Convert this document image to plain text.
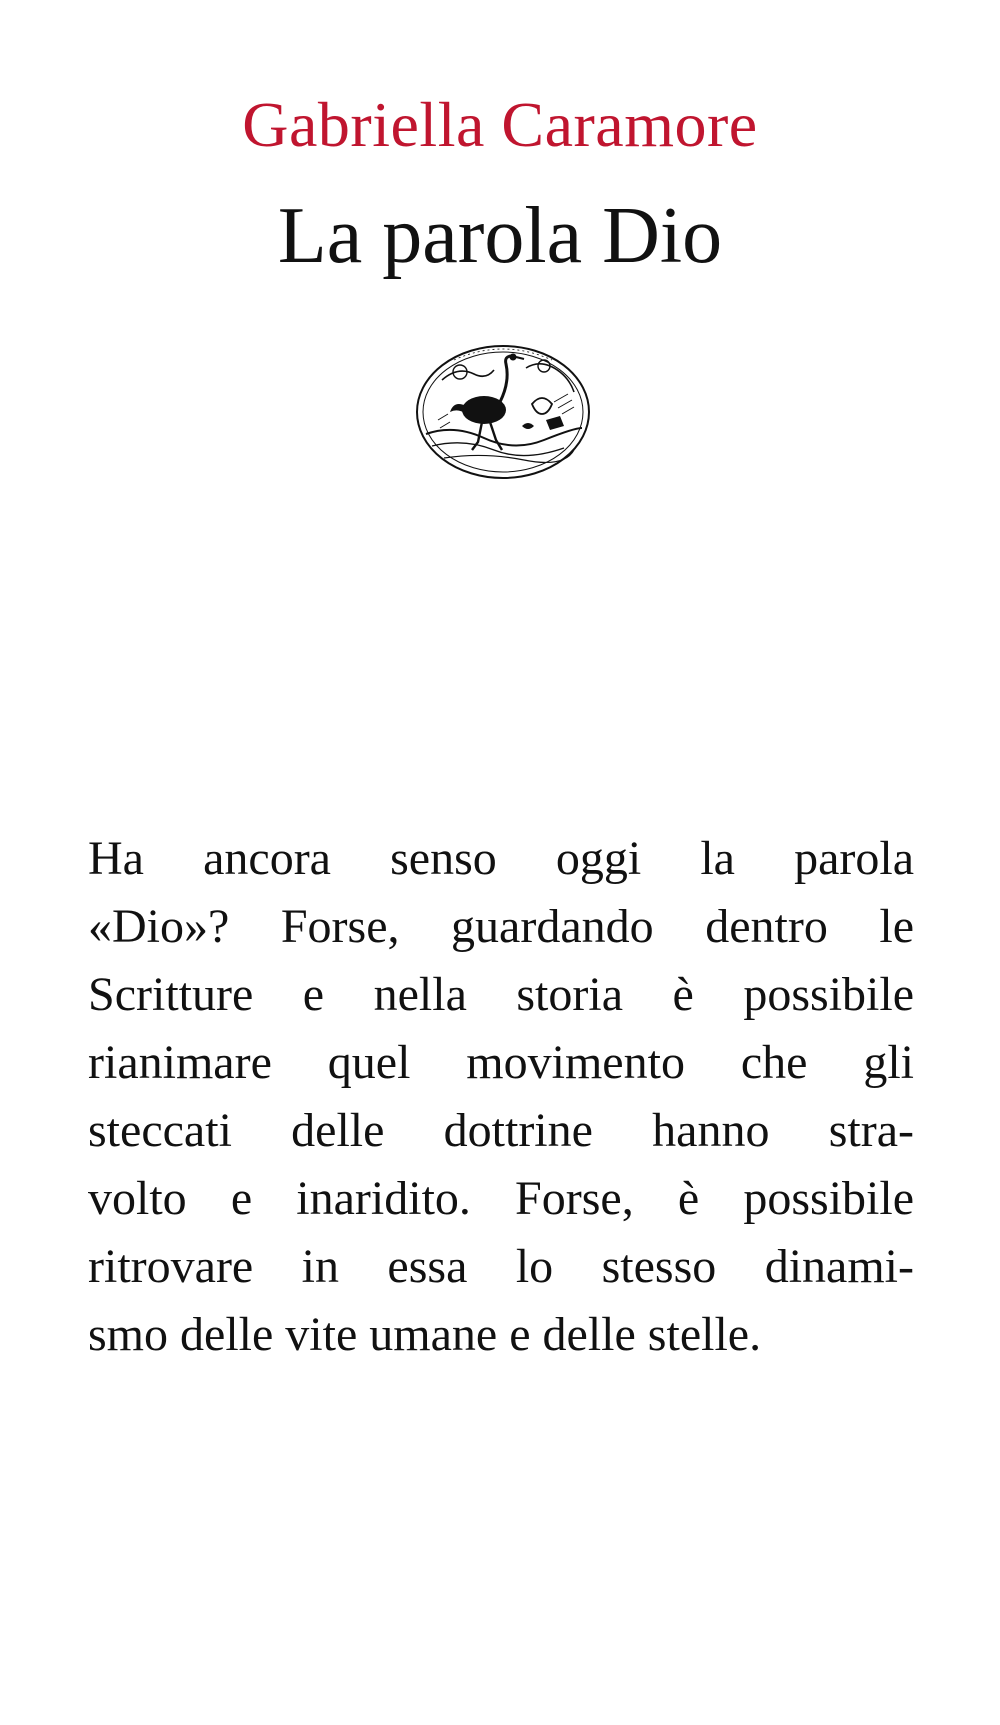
Gabriella Caramore
La parola Dio
Ha ancora senso oggi la parola
«Dio»? Forse, guardando dentro le
Scritture e nella storia è possibile
rianimare quel movimento che gli
steccati delle dottrine hanno stra-
volto e inaridito. Forse, è possibile
ritrovare in essa lo stesso dinami-
smo delle vite umane e delle stelle.
